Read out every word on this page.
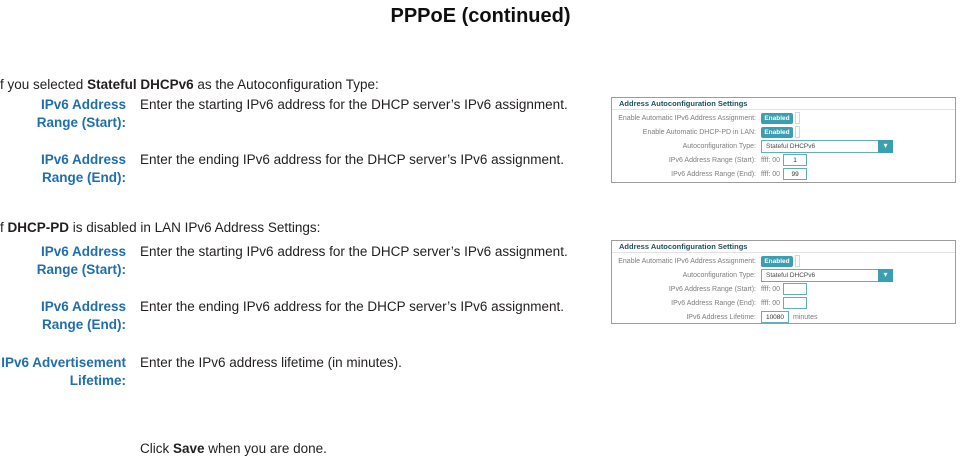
PPPoE (continued)

f you selected Stateful DHCPv6 as the Autoconfiguration Type:

IPv6 Address Range (Start):
Enter the starting IPv6 address for the DHCP server’s IPv6 assignment.
IPv6 Address Range (End):
Enter the ending IPv6 address for the DHCP server’s IPv6 assignment.

f DHCP-PD is disabled in LAN IPv6 Address Settings:

IPv6 Address Range (Start):
Enter the starting IPv6 address for the DHCP server’s IPv6 assignment.
IPv6 Address Range (End):
Enter the ending IPv6 address for the DHCP server’s IPv6 assignment.
IPv6 Advertisement Lifetime:
Enter the IPv6 address lifetime (in minutes).

Click Save when you are done.

Address Autoconfiguration Settings
Enable Automatic IPv6 Address Assignment:	Enabled
Enable Automatic DHCP-PD in LAN:	Enabled
Autoconfiguration Type:	Stateful DHCPv6	▾
IPv6 Address Range (Start): ffff: 00
1
IPv6 Address Range (End): ffff: 00
99
Address Autoconfiguration Settings
Enable Automatic IPv6 Address Assignment:	Enabled
Autoconfiguration Type:	Stateful DHCPv6	▾
IPv6 Address Range (Start): ffff: 00
IPv6 Address Range (End): ffff: 00
IPv6 Address Lifetime:
10080	minutes
